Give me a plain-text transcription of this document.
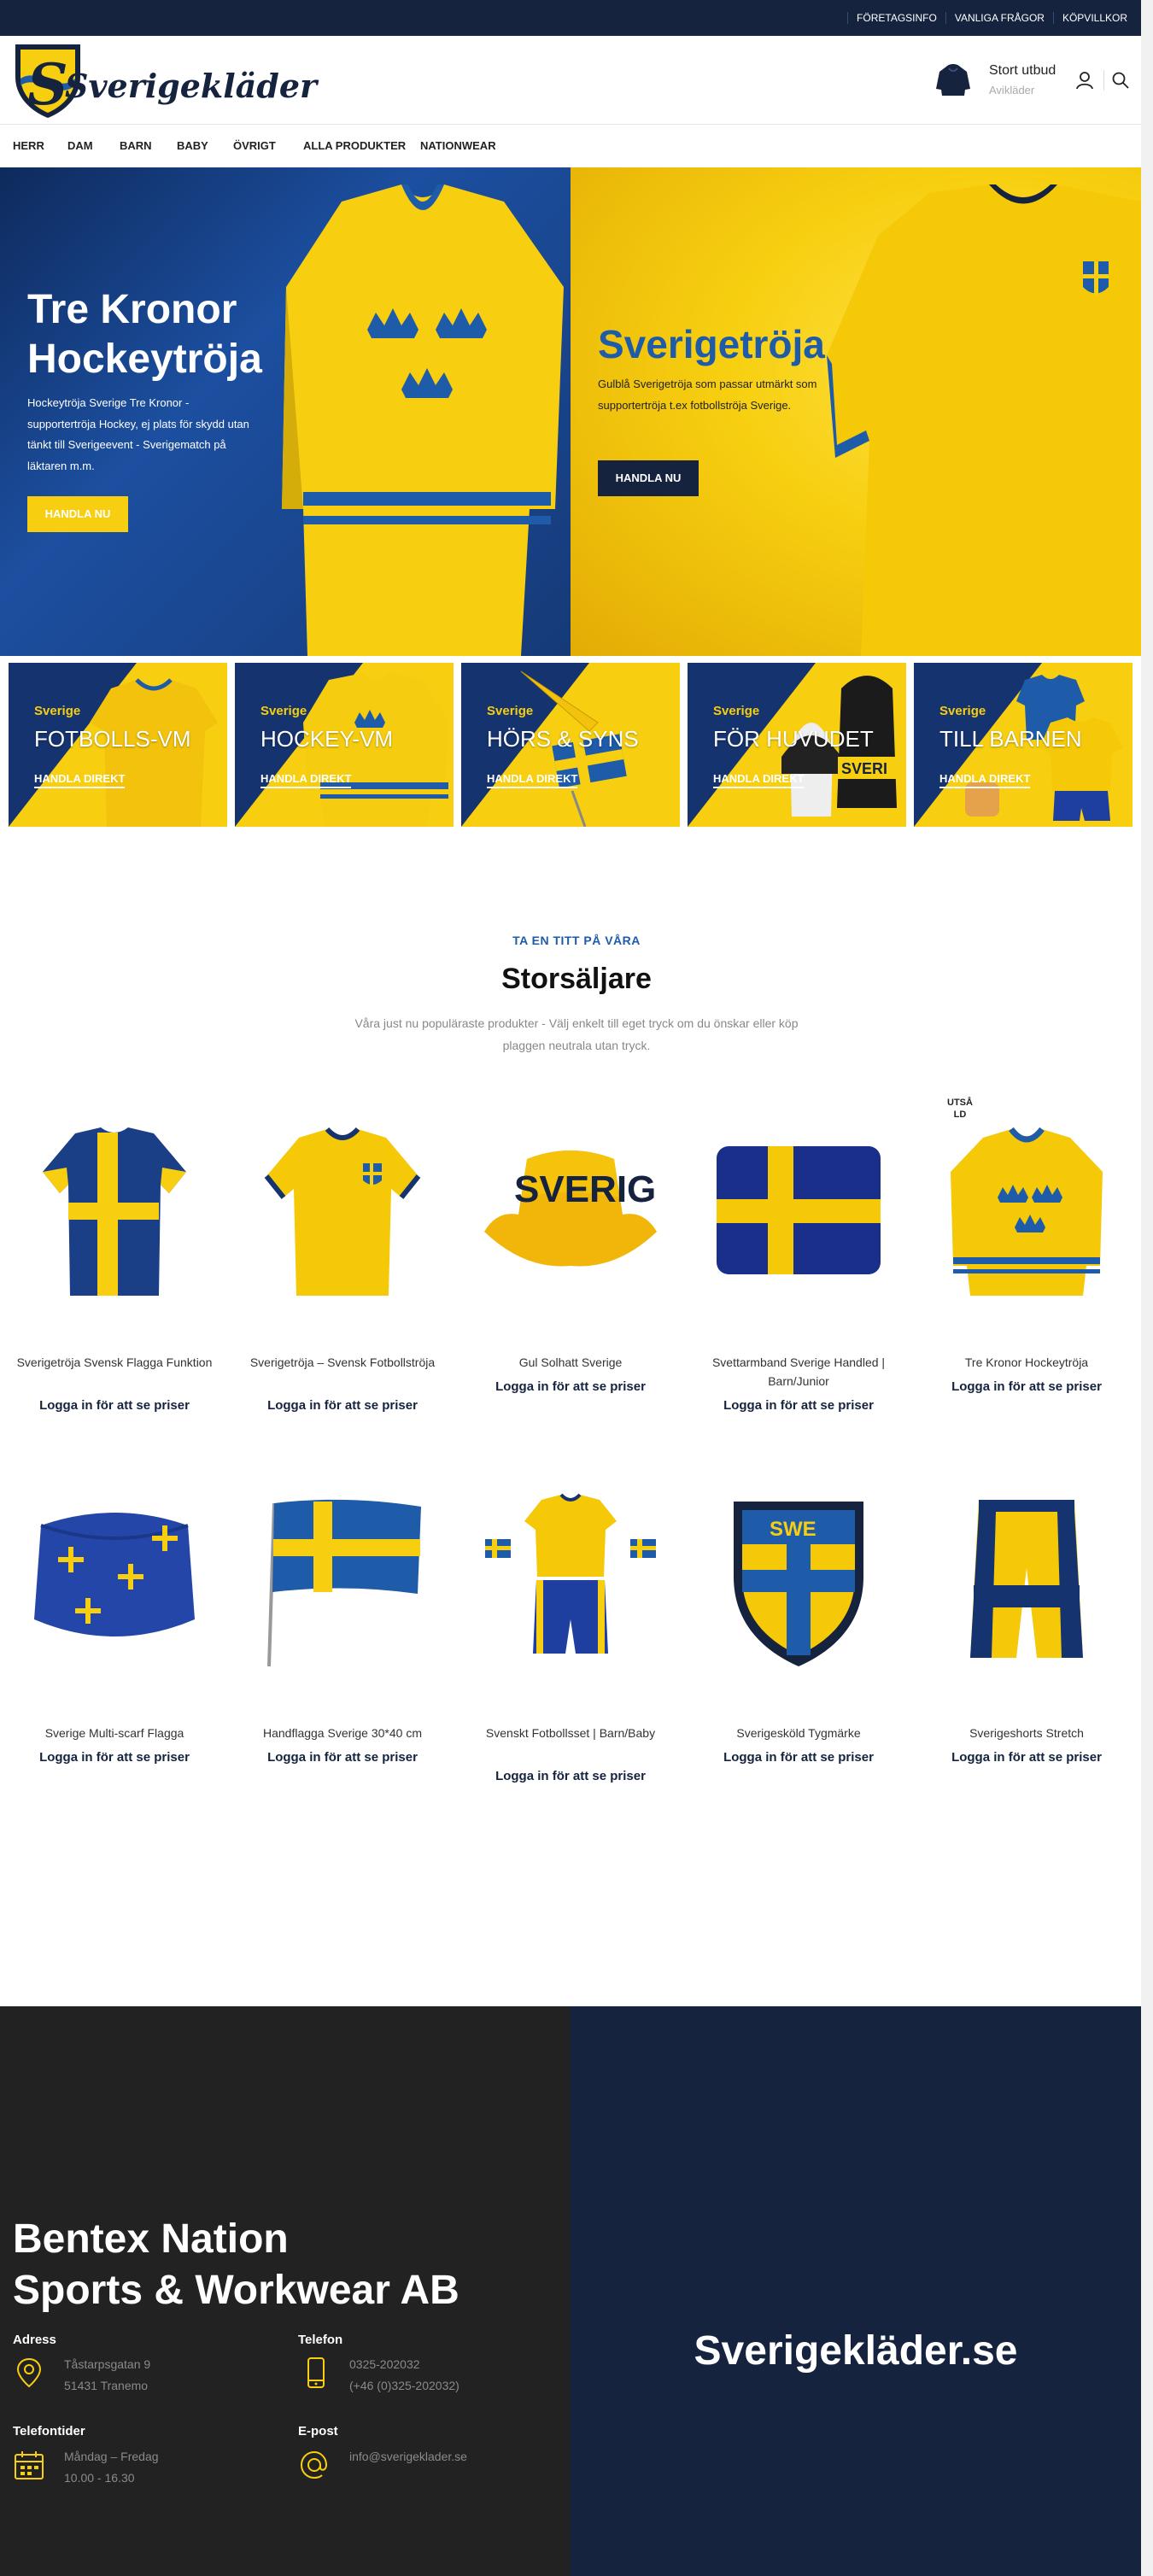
FÖRETAGSINFO	VANLIGA FRÅGOR	KÖPVILLKOR
S
Sverigekläder	Stort utbud
Avikläder
HERR DAM BARN BABY ÖVRIGT ALLA PRODUKTER NATIONWEAR
Tre Kronor
Hockeytröja

Hockeytröja Sverige Tre Kronor - supportertröja Hockey, ej plats för skydd utan tänkt till Sverigeevent - Sverigematch på läktaren m.m.

HANDLA NU
Sverigetröja

Gulblå Sverigetröja som passar utmärkt som supportertröja t.ex fotbollströja Sverige.

HANDLA NU
Sverige
FOTBOLLS-VM
HANDLA DIREKT
Sverige
HOCKEY-VM
HANDLA DIREKT
Sverige
HÖRS & SYNS
HANDLA DIREKT
SVERI
Sverige
FÖR HUVUDET
HANDLA DIREKT
Sverige
TILL BARNEN
HANDLA DIREKT
TA EN TITT PÅ VÅRA
Storsäljare
Våra just nu populäraste produkter - Välj enkelt till eget tryck om du önskar eller köp plaggen neutrala utan tryck.
Sverigetröja Svensk Flagga Funktion
Logga in för att se priser
Sverigetröja – Svensk Fotbollströja
Logga in för att se priser
SVERIG
Gul Solhatt Sverige
Logga in för att se priser
Svettarmband Sverige Handled | Barn/Junior
Logga in för att se priser
Tre Kronor Hockeytröja
Logga in för att se priser
UTSÅ
LD
Sverige Multi-scarf Flagga
Logga in för att se priser
Handflagga Sverige 30*40 cm
Logga in för att se priser
Svenskt Fotbollsset | Barn/Baby
Logga in för att se priser
SWE
Sverigesköld Tygmärke
Logga in för att se priser
Sverigeshorts Stretch
Logga in för att se priser
Bentex Nation
Sports & Workwear AB
Adress
Tåstarpsgatan 9
51431 Tranemo
Telefon
0325-202032
(+46 (0)325-202032)
Telefontider
Måndag – Fredag
10.00 - 16.30
E-post
info@sverigeklader.se
Sverigekläder.se
